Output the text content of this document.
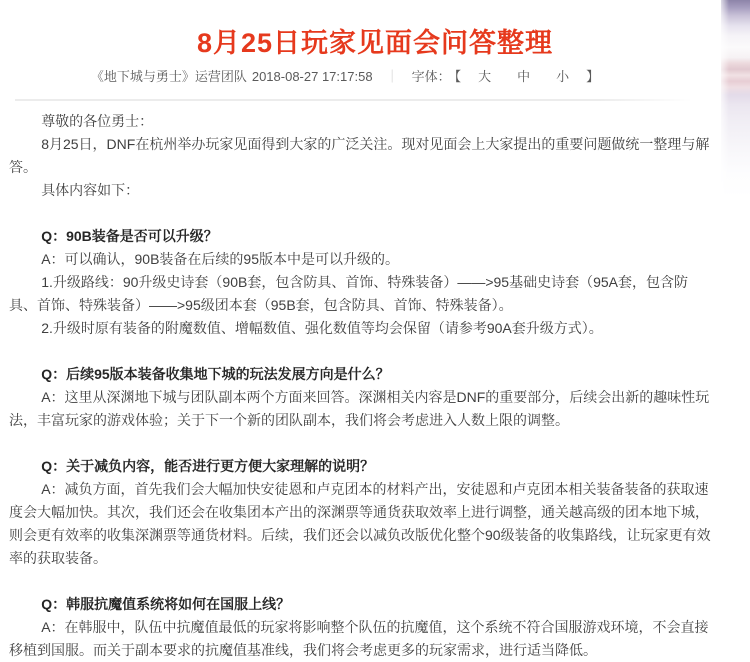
8月25日玩家见面会问答整理
《地下城与勇士》运营团队 2018-08-27 17:17:58 ｜ 字体： 【 大 中 小 】

尊敬的各位勇士：

8月25日，DNF在杭州举办玩家见面得到大家的广泛关注。现对见面会上大家提出的重要问题做统一整理与解答。

具体内容如下：

Q：90B装备是否可以升级？

A：可以确认，90B装备在后续的95版本中是可以升级的。

1.升级路线：90升级史诗套（90B套，包含防具、首饰、特殊装备）——>95基础史诗套（95A套，包含防具、首饰、特殊装备）——>95级团本套（95B套，包含防具、首饰、特殊装备）。

2.升级时原有装备的附魔数值、增幅数值、强化数值等均会保留（请参考90A套升级方式）。

Q：后续95版本装备收集地下城的玩法发展方向是什么？

A：这里从深渊地下城与团队副本两个方面来回答。深渊相关内容是DNF的重要部分，后续会出新的趣味性玩法，丰富玩家的游戏体验；关于下一个新的团队副本，我们将会考虑进入人数上限的调整。

Q：关于减负内容，能否进行更方便大家理解的说明？

A：减负方面，首先我们会大幅加快安徒恩和卢克团本的材料产出，安徒恩和卢克团本相关装备装备的获取速度会大幅加快。其次，我们还会在收集团本产出的深渊票等通货获取效率上进行调整，通关越高级的团本地下城，则会更有效率的收集深渊票等通货材料。后续，我们还会以减负改版优化整个90级装备的收集路线，让玩家更有效率的获取装备。

Q：韩服抗魔值系统将如何在国服上线？

A：在韩服中，队伍中抗魔值最低的玩家将影响整个队伍的抗魔值，这个系统不符合国服游戏环境，不会直接移植到国服。而关于副本要求的抗魔值基准线，我们将会考虑更多的玩家需求，进行适当降低。
